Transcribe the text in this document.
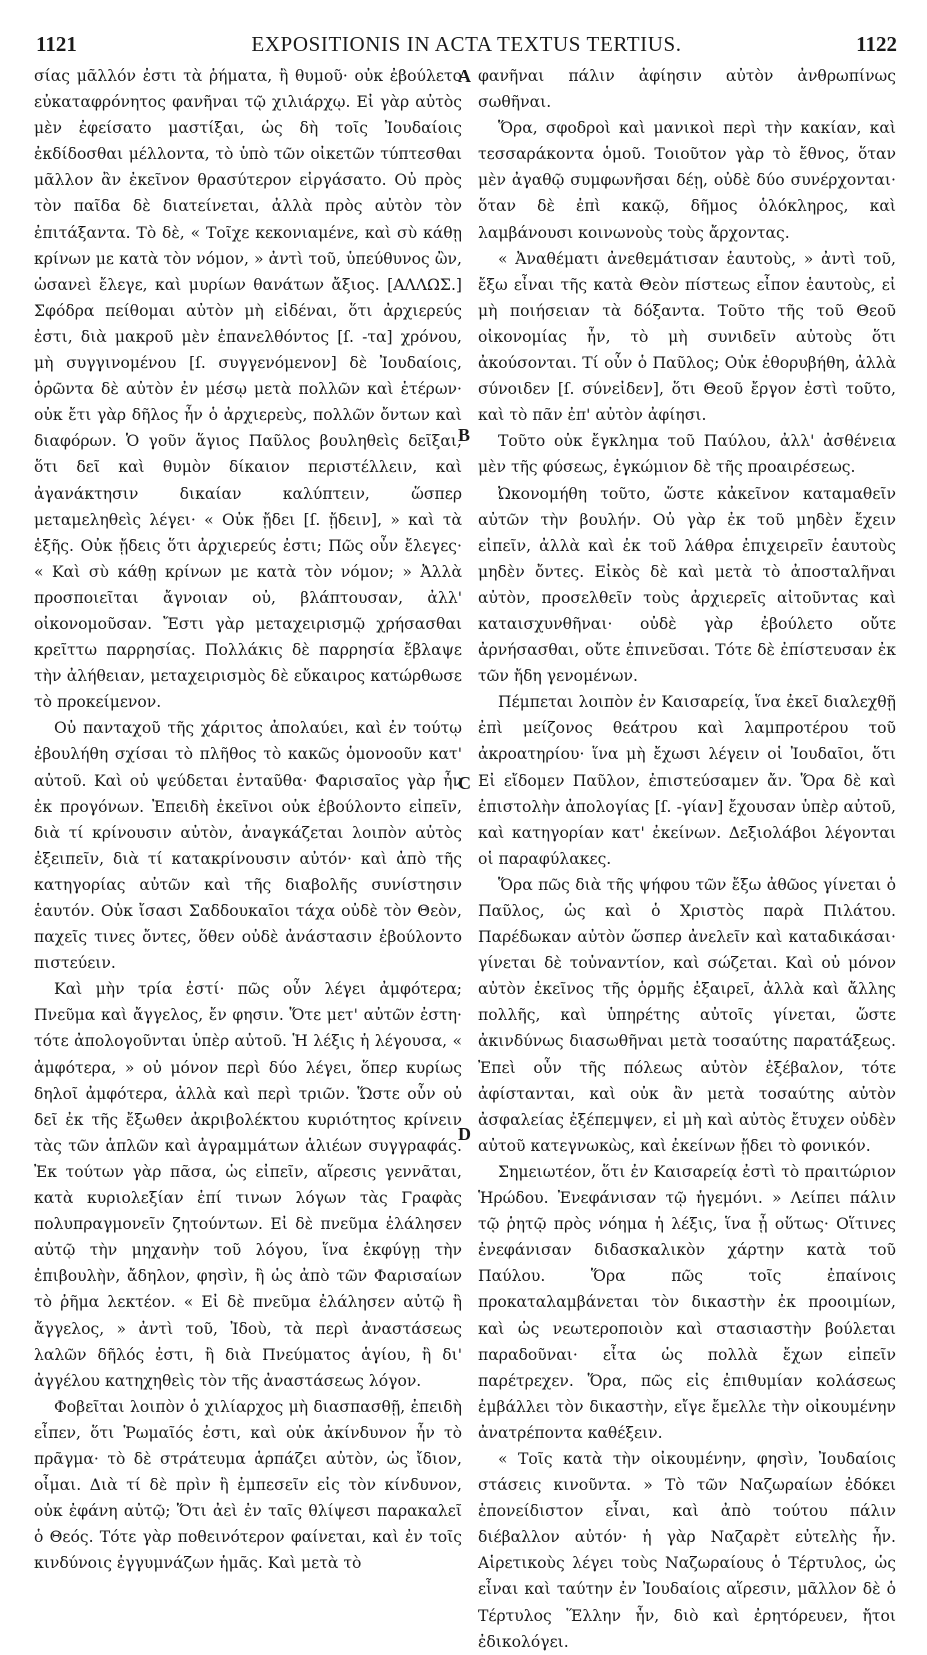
1121	EXPOSITIONIS IN ACTA TEXTUS TERTIUS.	1122
A
B
C
D

σίας μᾶλλόν ἐστι τὰ ῥήματα, ἢ θυμοῦ· οὐκ ἐβούλετο εὐκαταφρόνητος φανῆναι τῷ χιλιάρχῳ. Εἰ γὰρ αὐτὸς μὲν ἐφείσατο μαστίξαι, ὡς δὴ τοῖς Ἰουδαίοις ἐκδίδοσθαι μέλλοντα, τὸ ὑπὸ τῶν οἰκετῶν τύπτεσθαι μᾶλλον ἂν ἐκεῖνον θρασύτερον εἰργάσατο. Οὐ πρὸς τὸν παῖδα δὲ διατείνεται, ἀλλὰ πρὸς αὐτὸν τὸν ἐπιτάξαντα. Τὸ δὲ, « Τοῖχε κεκονιαμένε, καὶ σὺ κάθῃ κρίνων με κατὰ τὸν νόμον, » ἀντὶ τοῦ, ὑπεύθυνος ὢν, ὡσανεὶ ἔλεγε, καὶ μυρίων θανάτων ἄξιος. [ΑΛΛΩΣ.] Σφόδρα πείθομαι αὐτὸν μὴ εἰδέναι, ὅτι ἀρχιερεύς ἐστι, διὰ μακροῦ μὲν ἐπανελθόντος [ſ. -τα] χρόνου, μὴ συγγινομένου [ſ. συγγενόμενον] δὲ Ἰουδαίοις, ὁρῶντα δὲ αὐτὸν ἐν μέσῳ μετὰ πολλῶν καὶ ἑτέρων· οὐκ ἔτι γὰρ δῆλος ἦν ὁ ἀρχιερεὺς, πολλῶν ὄντων καὶ διαφόρων. Ὁ γοῦν ἅγιος Παῦλος βουληθεὶς δεῖξαι, ὅτι δεῖ καὶ θυμὸν δίκαιον περιστέλλειν, καὶ ἀγανάκτησιν δικαίαν καλύπτειν, ὥσπερ μεταμεληθεὶς λέγει· « Οὐκ ᾔδει [ſ. ᾔδειν], » καὶ τὰ ἑξῆς. Οὐκ ᾔδεις ὅτι ἀρχιερεύς ἐστι; Πῶς οὖν ἔλεγες· « Καὶ σὺ κάθῃ κρίνων με κατὰ τὸν νόμον; » Ἀλλὰ προσποιεῖται ἄγνοιαν οὐ, βλάπτουσαν, ἀλλ' οἰκονομοῦσαν. Ἔστι γὰρ μεταχειρισμῷ χρήσασθαι κρεῖττω παρρησίας. Πολλάκις δὲ παρρησία ἔβλαψε τὴν ἀλήθειαν, μεταχειρισμὸς δὲ εὔκαιρος κατώρθωσε τὸ προκείμενον.

Οὐ πανταχοῦ τῆς χάριτος ἀπολαύει, καὶ ἐν τούτῳ ἐβουλήθη σχίσαι τὸ πλῆθος τὸ κακῶς ὁμονοοῦν κατ' αὐτοῦ. Καὶ οὐ ψεύδεται ἐνταῦθα· Φαρισαῖος γὰρ ἦν ἐκ προγόνων. Ἐπειδὴ ἐκεῖνοι οὐκ ἐβούλοντο εἰπεῖν, διὰ τί κρίνουσιν αὐτὸν, ἀναγκάζεται λοιπὸν αὐτὸς ἐξειπεῖν, διὰ τί κατακρίνουσιν αὐτόν· καὶ ἀπὸ τῆς κατηγορίας αὐτῶν καὶ τῆς διαβολῆς συνίστησιν ἑαυτόν. Οὐκ ἴσασι Σαδδουκαῖοι τάχα οὐδὲ τὸν Θεὸν, παχεῖς τινες ὄντες, ὅθεν οὐδὲ ἀνάστασιν ἐβούλοντο πιστεύειν.

Καὶ μὴν τρία ἐστί· πῶς οὖν λέγει ἀμφότερα; Πνεῦμα καὶ ἄγγελος, ἔν φησιν. Ὅτε μετ' αὐτῶν ἐστη· τότε ἀπολογοῦνται ὑπὲρ αὐτοῦ. Ἡ λέξις ἡ λέγουσα, « ἀμφότερα, » οὐ μόνον περὶ δύο λέγει, ὅπερ κυρίως δηλοῖ ἀμφότερα, ἀλλὰ καὶ περὶ τριῶν. Ὥστε οὖν οὐ δεῖ ἐκ τῆς ἔξωθεν ἀκριβολέκτου κυριότητος κρίνειν τὰς τῶν ἁπλῶν καὶ ἀγραμμάτων ἁλιέων συγγραφάς. Ἐκ τούτων γὰρ πᾶσα, ὡς εἰπεῖν, αἵρεσις γεννᾶται, κατὰ κυριολεξίαν ἐπί τινων λόγων τὰς Γραφὰς πολυπραγμονεῖν ζητούντων. Εἰ δὲ πνεῦμα ἐλάλησεν αὐτῷ τὴν μηχανὴν τοῦ λόγου, ἵνα ἐκφύγῃ τὴν ἐπιβουλὴν, ἄδηλον, φησὶν, ἢ ὡς ἀπὸ τῶν Φαρισαίων τὸ ῥῆμα λεκτέον. « Εἰ δὲ πνεῦμα ἐλάλησεν αὐτῷ ἢ ἄγγελος, » ἀντὶ τοῦ, Ἰδοὺ, τὰ περὶ ἀναστάσεως λαλῶν δῆλός ἐστι, ἢ διὰ Πνεύματος ἁγίου, ἢ δι' ἀγγέλου κατηχηθεὶς τὸν τῆς ἀναστάσεως λόγον.

Φοβεῖται λοιπὸν ὁ χιλίαρχος μὴ διασπασθῇ, ἐπειδὴ εἶπεν, ὅτι Ῥωμαῖός ἐστι, καὶ οὐκ ἀκίνδυνον ἦν τὸ πρᾶγμα· τὸ δὲ στράτευμα ἁρπάζει αὐτὸν, ὡς ἴδιον, οἶμαι. Διὰ τί δὲ πρὶν ἢ ἐμπεσεῖν εἰς τὸν κίνδυνον, οὐκ ἐφάνη αὐτῷ; Ὅτι ἀεὶ ἐν ταῖς θλίψεσι παρακαλεῖ ὁ Θεός. Τότε γὰρ ποθεινότερον φαίνεται, καὶ ἐν τοῖς κινδύνοις ἐγγυμνάζων ἡμᾶς. Καὶ μετὰ τὸ

φανῆναι πάλιν ἀφίησιν αὐτὸν ἀνθρωπίνως σωθῆναι.

Ὅρα, σφοδροὶ καὶ μανικοὶ περὶ τὴν κακίαν, καὶ τεσσαράκοντα ὁμοῦ. Τοιοῦτον γὰρ τὸ ἔθνος, ὅταν μὲν ἀγαθῷ συμφωνῆσαι δέῃ, οὐδὲ δύο συνέρχονται· ὅταν δὲ ἐπὶ κακῷ, δῆμος ὁλόκληρος, καὶ λαμβάνουσι κοινωνοὺς τοὺς ἄρχοντας.

« Ἀναθέματι ἀνεθεμάτισαν ἑαυτοὺς, » ἀντὶ τοῦ, ἔξω εἶναι τῆς κατὰ Θεὸν πίστεως εἶπον ἑαυτοὺς, εἰ μὴ ποιήσειαν τὰ δόξαντα. Τοῦτο τῆς τοῦ Θεοῦ οἰκονομίας ἦν, τὸ μὴ συνιδεῖν αὐτοὺς ὅτι ἀκούσονται. Τί οὖν ὁ Παῦλος; Οὐκ ἐθορυβήθη, ἀλλὰ σύνοιδεν [ſ. σύνεἰδεν], ὅτι Θεοῦ ἔργον ἐστὶ τοῦτο, καὶ τὸ πᾶν ἐπ' αὐτὸν ἀφίησι.

Τοῦτο οὐκ ἔγκλημα τοῦ Παύλου, ἀλλ' ἀσθένεια μὲν τῆς φύσεως, ἐγκώμιον δὲ τῆς προαιρέσεως.

Ὠκονομήθη τοῦτο, ὥστε κἀκεῖνον καταμαθεῖν αὐτῶν τὴν βουλήν. Οὐ γὰρ ἐκ τοῦ μηδὲν ἔχειν εἰπεῖν, ἀλλὰ καὶ ἐκ τοῦ λάθρα ἐπιχειρεῖν ἑαυτοὺς μηδὲν ὄντες. Εἰκὸς δὲ καὶ μετὰ τὸ ἀποσταλῆναι αὐτὸν, προσελθεῖν τοὺς ἀρχιερεῖς αἰτοῦντας καὶ καταισχυνθῆναι· οὐδὲ γὰρ ἐβούλετο οὔτε ἀρνήσασθαι, οὔτε ἐπινεῦσαι. Τότε δὲ ἐπίστευσαν ἐκ τῶν ἤδη γενομένων.

Πέμπεται λοιπὸν ἐν Καισαρείᾳ, ἵνα ἐκεῖ διαλεχθῇ ἐπὶ μείζονος θεάτρου καὶ λαμπροτέρου τοῦ ἀκροατηρίου· ἵνα μὴ ἔχωσι λέγειν οἱ Ἰουδαῖοι, ὅτι Εἰ εἴδομεν Παῦλον, ἐπιστεύσαμεν ἄν. Ὅρα δὲ καὶ ἐπιστολὴν ἀπολογίας [ſ. -γίαν] ἔχουσαν ὑπὲρ αὐτοῦ, καὶ κατηγορίαν κατ' ἐκείνων. Δεξιολάβοι λέγονται οἱ παραφύλακες.

Ὅρα πῶς διὰ τῆς ψήφου τῶν ἔξω ἀθῶος γίνεται ὁ Παῦλος, ὡς καὶ ὁ Χριστὸς παρὰ Πιλάτου. Παρέδωκαν αὐτὸν ὥσπερ ἀνελεῖν καὶ καταδικάσαι· γίνεται δὲ τοὐναντίον, καὶ σώζεται. Καὶ οὐ μόνον αὐτὸν ἐκεῖνος τῆς ὁρμῆς ἐξαιρεῖ, ἀλλὰ καὶ ἄλλης πολλῆς, καὶ ὑπηρέτης αὐτοῖς γίνεται, ὥστε ἀκινδύνως διασωθῆναι μετὰ τοσαύτης παρατάξεως. Ἐπεὶ οὖν τῆς πόλεως αὐτὸν ἐξέβαλον, τότε ἀφίστανται, καὶ οὐκ ἂν μετὰ τοσαύτης αὐτὸν ἀσφαλείας ἐξέπεμψεν, εἰ μὴ καὶ αὐτὸς ἔτυχεν οὐδὲν αὐτοῦ κατεγνωκὼς, καὶ ἐκείνων ᾔδει τὸ φονικόν.

Σημειωτέον, ὅτι ἐν Καισαρείᾳ ἐστὶ τὸ πραιτώριον Ἡρώδου. Ἐνεφάνισαν τῷ ἡγεμόνι. » Λείπει πάλιν τῷ ῥητῷ πρὸς νόημα ἡ λέξις, ἵνα ᾖ οὕτως· Οἵτινες ἐνεφάνισαν διδασκαλικὸν χάρτην κατὰ τοῦ Παύλου. Ὅρα πῶς τοῖς ἐπαίνοις προκαταλαμβάνεται τὸν δικαστὴν ἐκ προοιμίων, καὶ ὡς νεωτεροποιὸν καὶ στασιαστὴν βούλεται παραδοῦναι· εἶτα ὡς πολλὰ ἔχων εἰπεῖν παρέτρεχεν. Ὅρα, πῶς εἰς ἐπιθυμίαν κολάσεως ἐμβάλλει τὸν δικαστὴν, εἴγε ἔμελλε τὴν οἰκουμένην ἀνατρέποντα καθέξειν.

« Τοῖς κατὰ τὴν οἰκουμένην, φησὶν, Ἰουδαίοις στάσεις κινοῦντα. » Τὸ τῶν Ναζωραίων ἐδόκει ἐπονείδιστον εἶναι, καὶ ἀπὸ τούτου πάλιν διέβαλλον αὐτόν· ἡ γὰρ Ναζαρὲτ εὐτελὴς ἦν. Αἱρετικοὺς λέγει τοὺς Ναζωραίους ὁ Τέρτυλος, ὡς εἶναι καὶ ταύτην ἐν Ἰουδαίοις αἵρεσιν, μᾶλλον δὲ ὁ Τέρτυλος Ἕλλην ἦν, διὸ καὶ ἐρητόρευεν, ἤτοι ἐδικολόγει.
